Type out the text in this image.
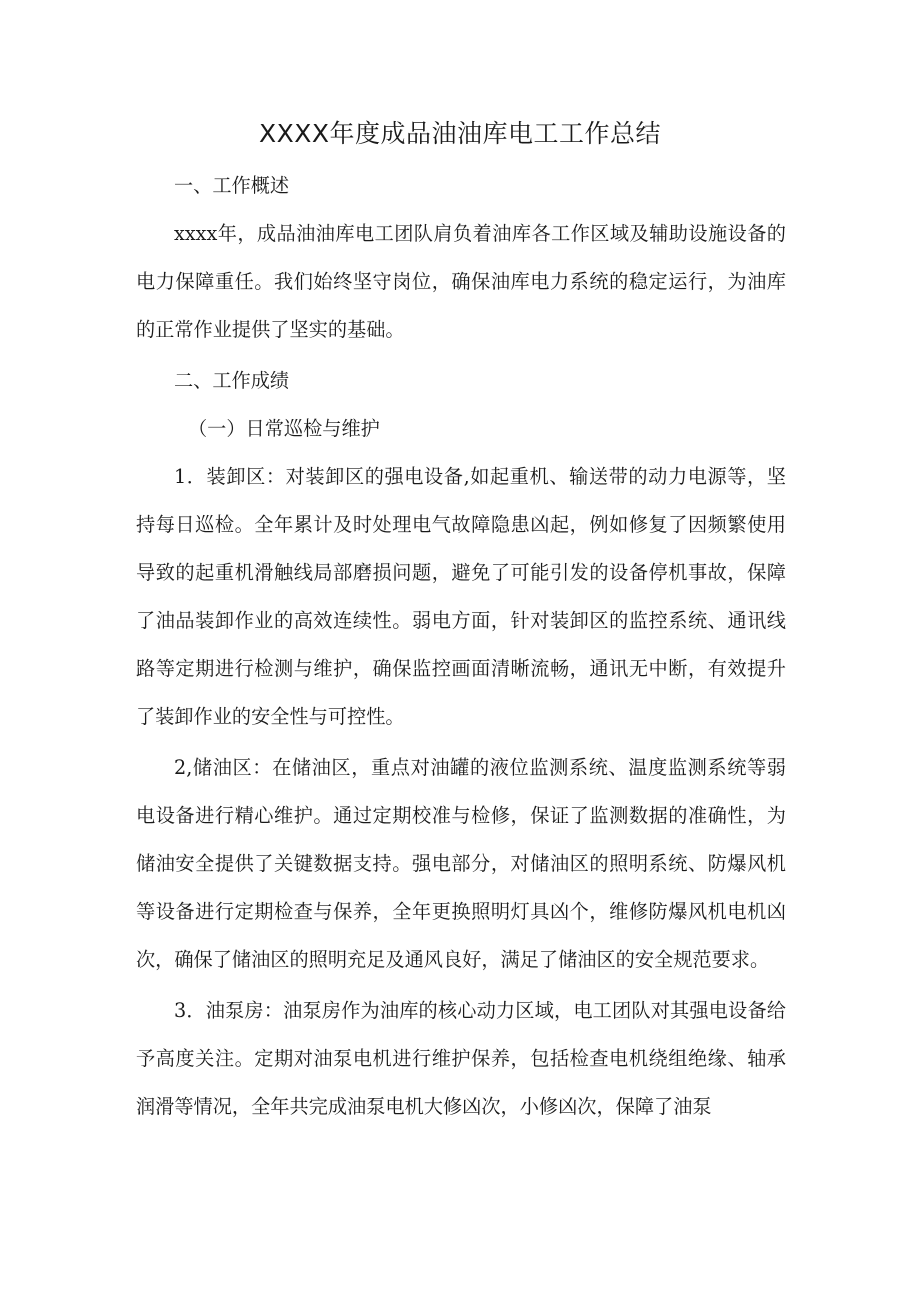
XXXX年度成品油油库电工工作总结

一、工作概述

xxxx年，成品油油库电工团队肩负着油库各工作区域及辅助设施设备的电力保障重任。我们始终坚守岗位，确保油库电力系统的稳定运行，为油库的正常作业提供了坚实的基础。

二、工作成绩

（一）日常巡检与维护

1．装卸区：对装卸区的强电设备,如起重机、输送带的动力电源等，坚持每日巡检。全年累计及时处理电气故障隐患凶起，例如修复了因频繁使用导致的起重机滑触线局部磨损问题，避免了可能引发的设备停机事故，保障了油品装卸作业的高效连续性。弱电方面，针对装卸区的监控系统、通讯线路等定期进行检测与维护，确保监控画面清晰流畅，通讯无中断，有效提升了装卸作业的安全性与可控性。

2,储油区：在储油区，重点对油罐的液位监测系统、温度监测系统等弱电设备进行精心维护。通过定期校准与检修，保证了监测数据的准确性，为储油安全提供了关键数据支持。强电部分，对储油区的照明系统、防爆风机等设备进行定期检查与保养，全年更换照明灯具凶个，维修防爆风机电机凶次，确保了储油区的照明充足及通风良好，满足了储油区的安全规范要求。

3．油泵房：油泵房作为油库的核心动力区域，电工团队对其强电设备给予高度关注。定期对油泵电机进行维护保养，包括检查电机绕组绝缘、轴承润滑等情况，全年共完成油泵电机大修凶次，小修凶次，保障了油泵
